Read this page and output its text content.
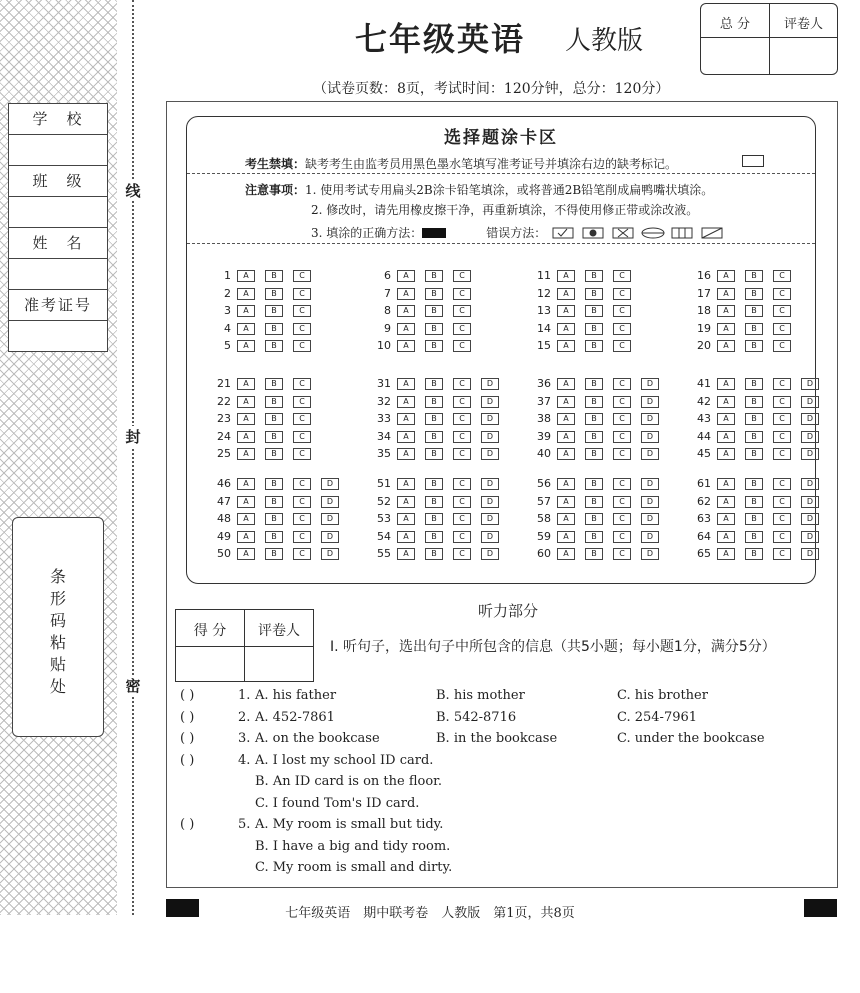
线
封
密
学　校
班　级
姓　名
准考证号
条
形
码
粘
贴
处
七年级英语 人教版
总 分	评卷人
（试卷页数：8页，考试时间：120分钟，总分：120分）
选择题涂卡区
考生禁填：缺考考生由监考员用黑色墨水笔填写准考证号并填涂右边的缺考标记。
注意事项：1. 使用考试专用扁头2B涂卡铅笔填涂，或将普通2B铅笔削成扁鸭嘴状填涂。
2. 修改时，请先用橡皮擦干净，再重新填涂，不得使用修正带或涂改液。
3. 填涂的正确方法：	错误方法：
1 A	B	C
2 A	B	C
3 A	B	C
4 A	B	C
5 A	B	C
6 A	B	C
7 A	B	C
8 A	B	C
9 A	B	C
10 A	B	C
11 A	B	C
12 A	B	C
13 A	B	C
14 A	B	C
15 A	B	C
16 A	B	C
17 A	B	C
18 A	B	C
19 A	B	C
20 A	B	C
21 A	B	C
22 A	B	C
23 A	B	C
24 A	B	C
25 A	B	C
31 A	B	C	D
32 A	B	C	D
33 A	B	C	D
34 A	B	C	D
35 A	B	C	D
36 A	B	C	D
37 A	B	C	D
38 A	B	C	D
39 A	B	C	D
40 A	B	C	D
41 A	B	C	D
42 A	B	C	D
43 A	B	C	D
44 A	B	C	D
45 A	B	C	D
46 A	B	C	D
47 A	B	C	D
48 A	B	C	D
49 A	B	C	D
50 A	B	C	D
51 A	B	C	D
52 A	B	C	D
53 A	B	C	D
54 A	B	C	D
55 A	B	C	D
56 A	B	C	D
57 A	B	C	D
58 A	B	C	D
59 A	B	C	D
60 A	B	C	D
61 A	B	C	D
62 A	B	C	D
63 A	B	C	D
64 A	B	C	D
65 A	B	C	D
听力部分
得 分	评卷人
Ⅰ. 听句子，选出句子中所包含的信息（共5小题；每小题1分，满分5分）
( )	1. A. his father	B. his mother	C. his brother
( )	2. A. 452-7861	B. 542-8716	C. 254-7961
( )	3. A. on the bookcase	B. in the bookcase	C. under the bookcase
( )	4. A. I lost my school ID card.
B. An ID card is on the floor.
C. I found Tom's ID card.
( )	5. A. My room is small but tidy.
B. I have a big and tidy room.
C. My room is small and dirty.
七年级英语　期中联考卷　人教版　第1页，共8页
